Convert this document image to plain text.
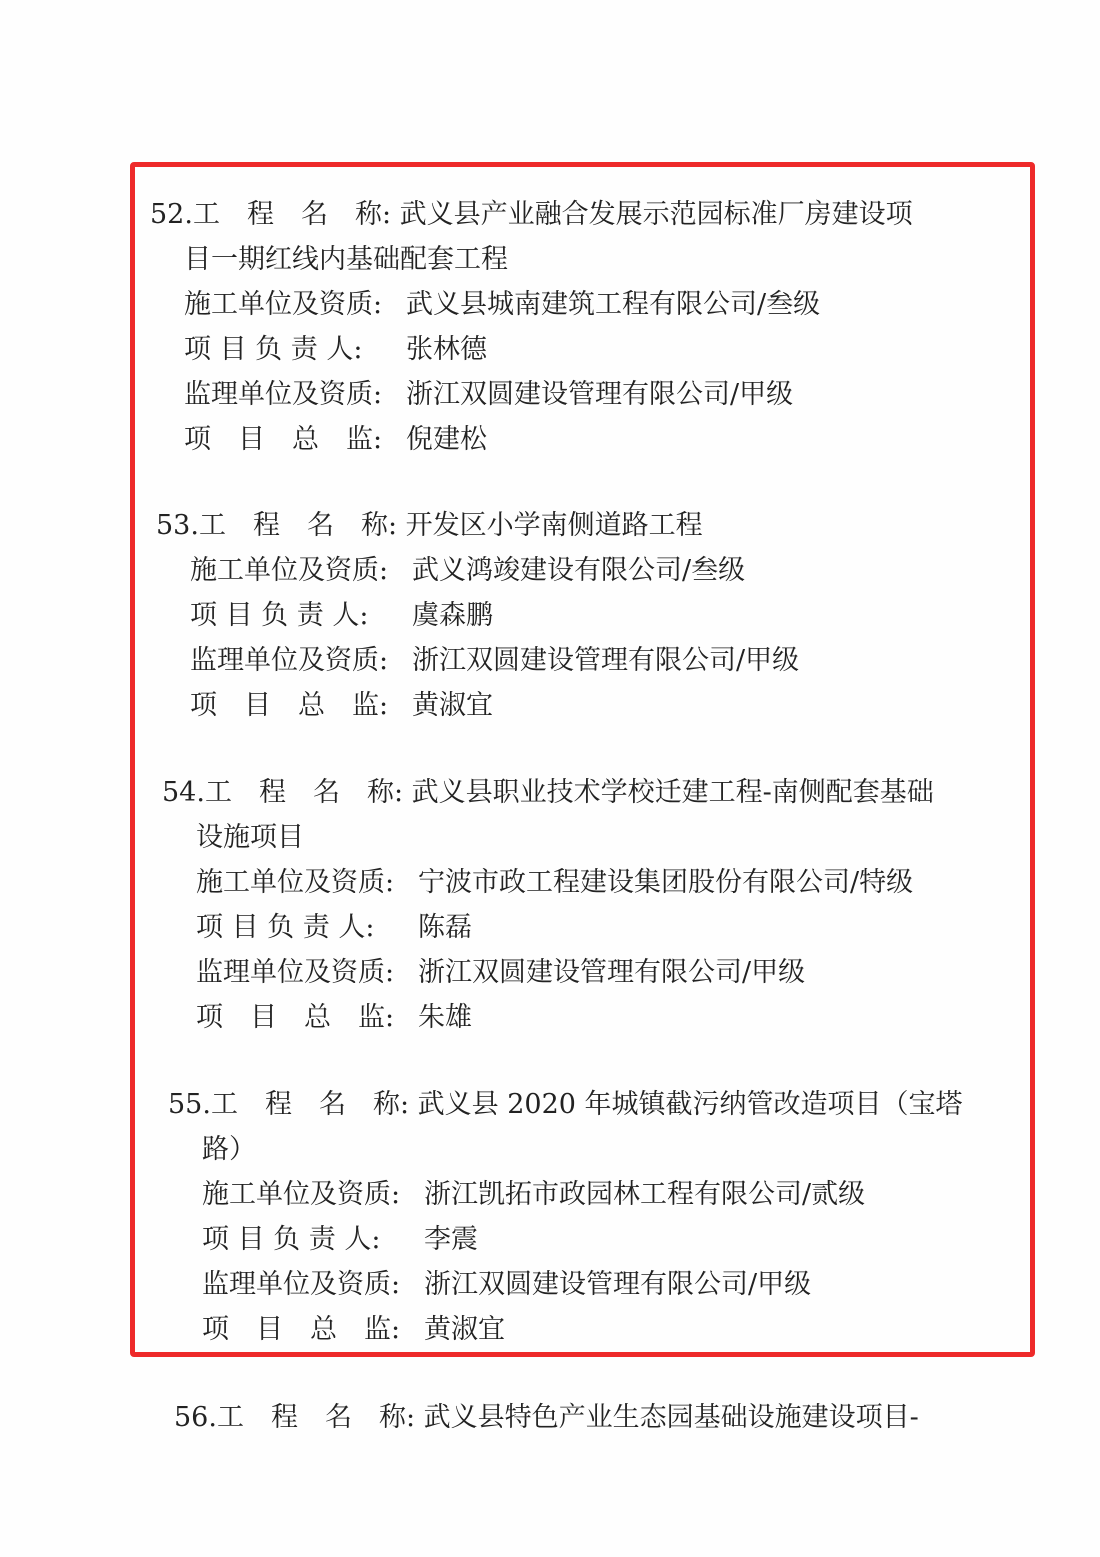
52.工　程　名　称: 武义县产业融合发展示范园标准厂房建设项
目一期红线内基础配套工程
施工单位及资质: 武义县城南建筑工程有限公司/叁级
项 目 负 责 人: 张林德
监理单位及资质: 浙江双圆建设管理有限公司/甲级
项　目　总　监: 倪建松
53.工　程　名　称: 开发区小学南侧道路工程
施工单位及资质: 武义鸿竣建设有限公司/叁级
项 目 负 责 人: 虞森鹏
监理单位及资质: 浙江双圆建设管理有限公司/甲级
项　目　总　监: 黄淑宜
54.工　程　名　称: 武义县职业技术学校迁建工程-南侧配套基础
设施项目
施工单位及资质: 宁波市政工程建设集团股份有限公司/特级
项 目 负 责 人: 陈磊
监理单位及资质: 浙江双圆建设管理有限公司/甲级
项　目　总　监: 朱雄
55.工　程　名　称: 武义县 2020 年城镇截污纳管改造项目（宝塔
路）
施工单位及资质: 浙江凯拓市政园林工程有限公司/贰级
项 目 负 责 人: 李震
监理单位及资质: 浙江双圆建设管理有限公司/甲级
项　目　总　监: 黄淑宜
56.工　程　名　称: 武义县特色产业生态园基础设施建设项目-
